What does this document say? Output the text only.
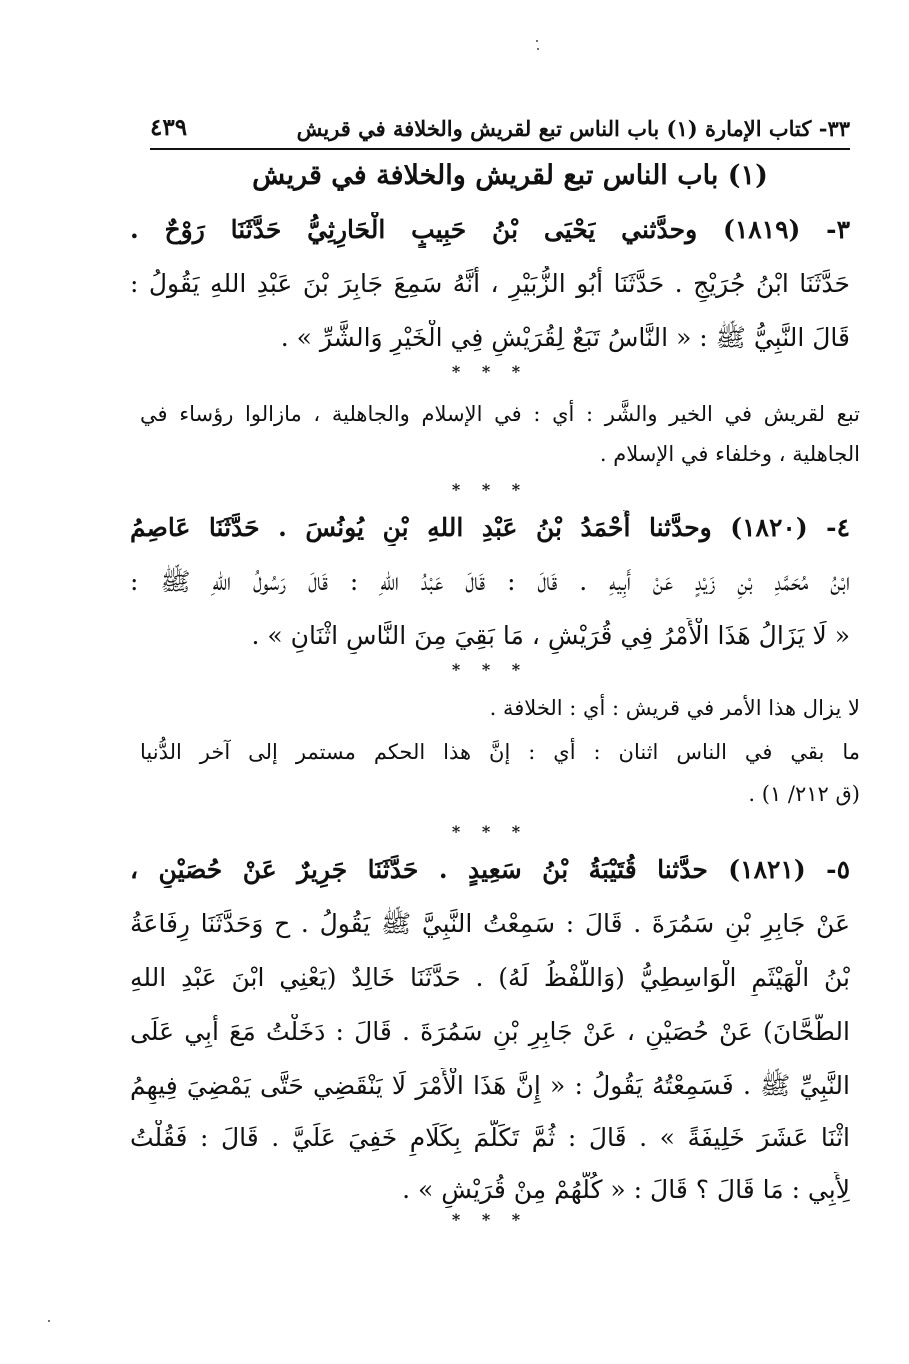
٣٣- كتاب الإمارة (١) باب الناس تبع لقريش والخلافة في قريش
٤٣٩
(١) باب الناس تبع لقريش والخلافة في قريش
٣- (١٨١٩) وحدَّثني يَحْيَى بْنُ حَبِيبٍ الْحَارِثِيُّ حَدَّثَنَا رَوْحٌ .
حَدَّثَنَا ابْنُ جُرَيْجٍ . حَدَّثَنَا أَبُو الزُّبَيْرِ ، أَنَّهُ سَمِعَ جَابِرَ بْنَ عَبْدِ اللهِ يَقُولُ :
قَالَ النَّبِيُّ ﷺ : « النَّاسُ تَبَعٌ لِقُرَيْشٍ فِي الْخَيْرِ وَالشَّرِّ » .
* * *
تبع لقريش في الخير والشَّر : أي : في الإسلام والجاهلية ، مازالوا رؤساء في
الجاهلية ، وخلفاء في الإسلام .
* * *
٤- (١٨٢٠) وحدَّثنا أَحْمَدُ بْنُ عَبْدِ اللهِ بْنِ يُونُسَ . حَدَّثَنَا عَاصِمُ
ابْنُ مُحَمَّدِ بْنِ زَيْدٍ عَنْ أَبِيهِ . قَالَ : قَالَ عَبْدُ اللهِ : قَالَ رَسُولُ اللهِ ﷺ :
« لَا يَزَالُ هَذَا الْأَمْرُ فِي قُرَيْشٍ ، مَا بَقِيَ مِنَ النَّاسِ اثْنَانِ » .
* * *
لا يزال هذا الأمر في قريش : أي : الخلافة .
ما بقي في الناس اثنان : أي : إنَّ هذا الحكم مستمر إلى آخر الدُّنيا
(ق ٢١٢/ ١) .
* * *
٥- (١٨٢١) حدَّثنا قُتَيْبَةُ بْنُ سَعِيدٍ . حَدَّثَنَا جَرِيرٌ عَنْ حُصَيْنٍ ،
عَنْ جَابِرِ بْنِ سَمُرَةَ . قَالَ : سَمِعْتُ النَّبِيَّ ﷺ يَقُولُ . ح وَحَدَّثَنَا رِفَاعَةُ
بْنُ الْهَيْثَمِ الْوَاسِطِيُّ (وَاللَّفْظُ لَهُ) . حَدَّثَنَا خَالِدٌ (يَعْنِي ابْنَ عَبْدِ اللهِ
الطَّحَّانَ) عَنْ حُصَيْنٍ ، عَنْ جَابِرِ بْنِ سَمُرَةَ . قَالَ : دَخَلْتُ مَعَ أَبِي عَلَى
النَّبِيِّ ﷺ . فَسَمِعْتُهُ يَقُولُ : « إِنَّ هَذَا الْأَمْرَ لَا يَنْقَضِي حَتَّى يَمْضِيَ فِيهِمُ
اثْنَا عَشَرَ خَلِيفَةً » . قَالَ : ثُمَّ تَكَلَّمَ بِكَلَامٍ خَفِيَ عَلَيَّ . قَالَ : فَقُلْتُ
لِأَبِي : مَا قَالَ ؟ قَالَ : « كُلُّهُمْ مِنْ قُرَيْشٍ » .
* * *
